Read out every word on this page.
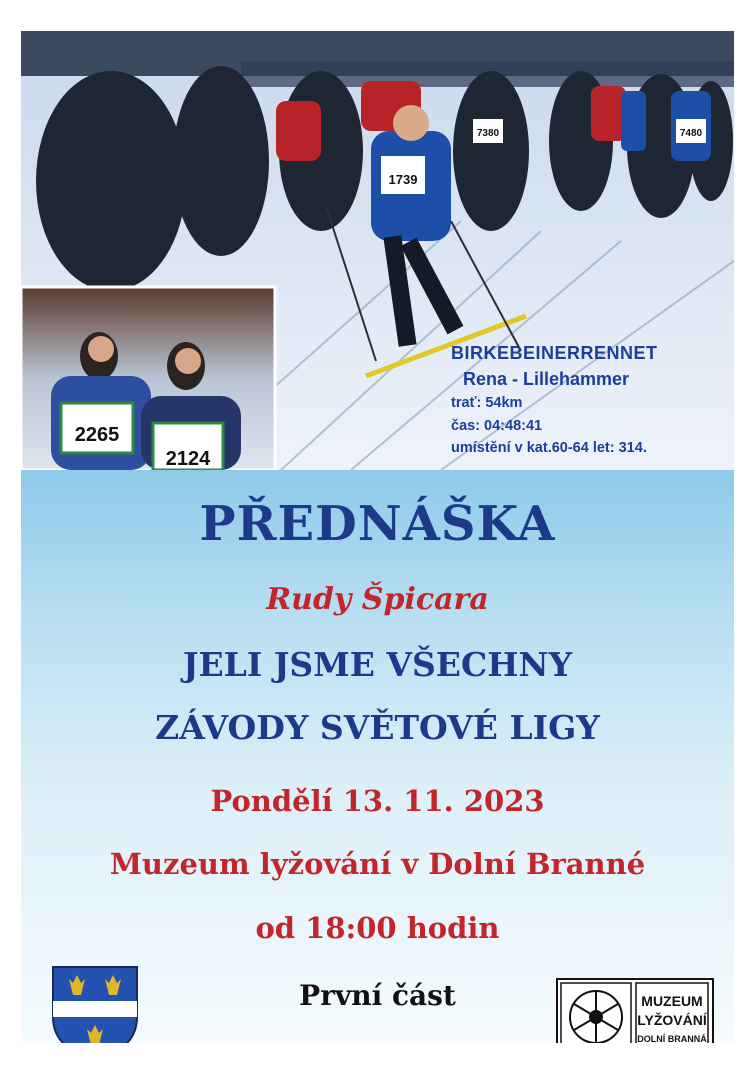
1739
7380	7480
2265
2124
BIRKEBEINERRENNET
Rena - Lillehammer
trať: 54km
čas: 04:48:41
umístění v kat.60-64 let: 314.
PŘEDNÁŠKA
Rudy Špicara
JELI JSME VŠECHNY
ZÁVODY SVĚTOVÉ LIGY
Pondělí 13. 11. 2023
Muzeum lyžování v Dolní Branné
od 18:00 hodin
První část	MUZEUM
LYŽOVÁNÍ
DOLNÍ BRANNÁ
